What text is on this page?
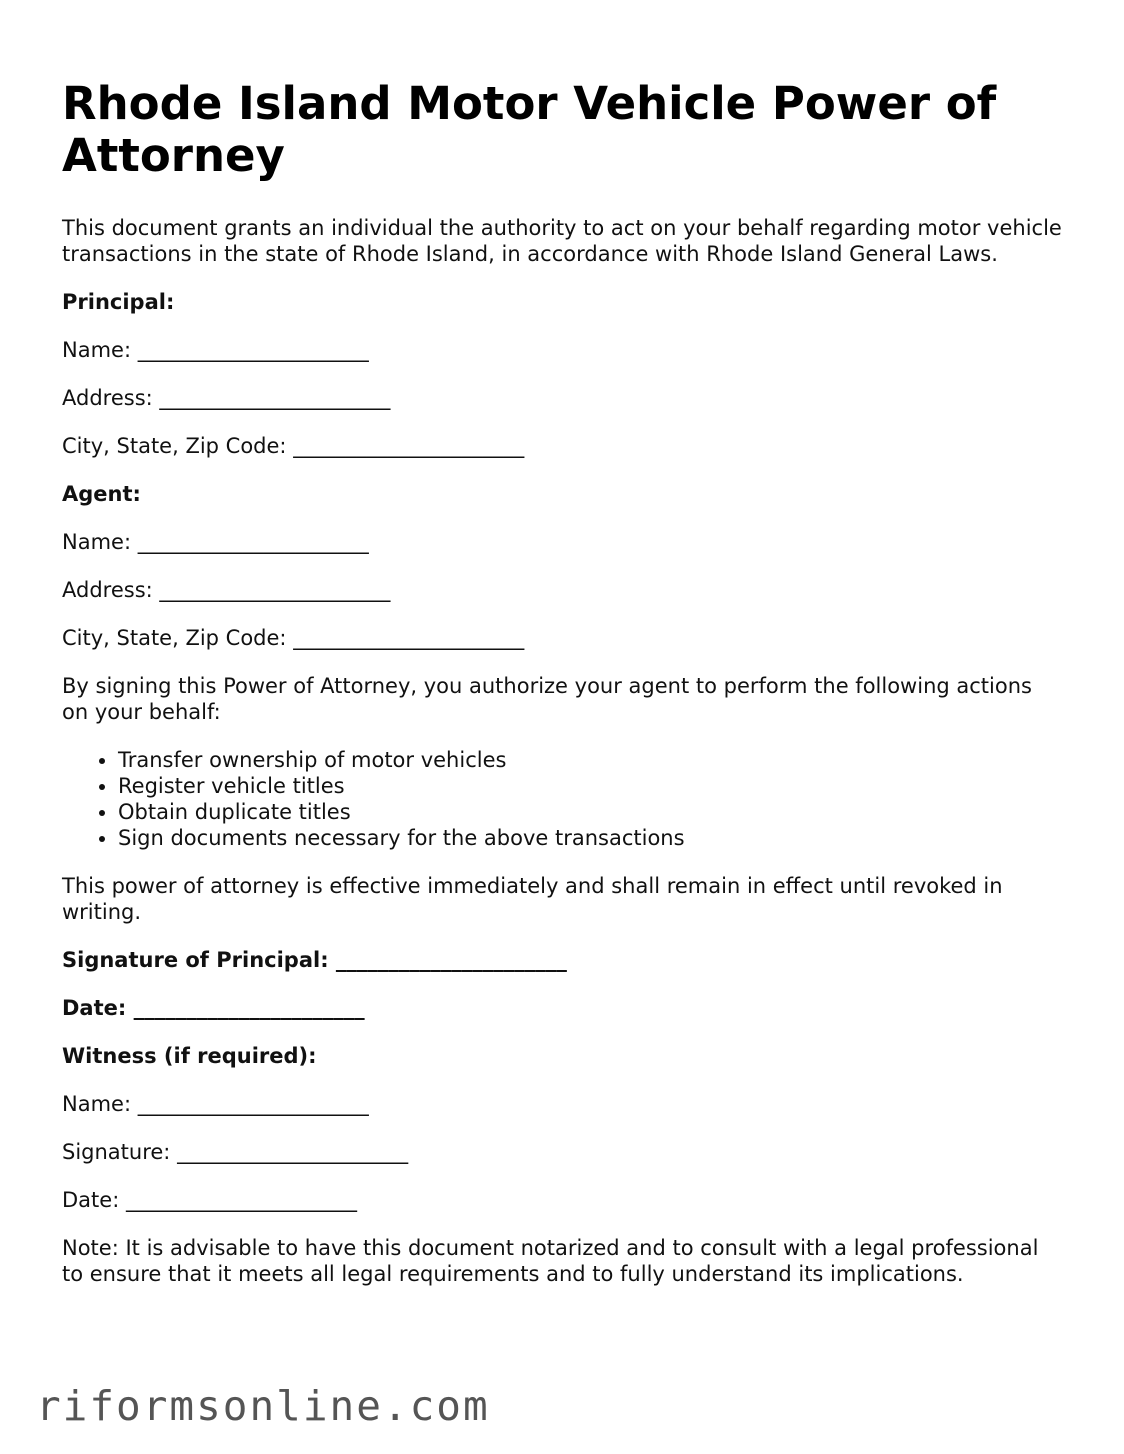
Rhode Island Motor Vehicle Power of Attorney

This document grants an individual the authority to act on your behalf regarding motor vehicle transactions in the state of Rhode Island, in accordance with Rhode Island General Laws.

Principal:

Name: ______________________
Address: ______________________
City, State, Zip Code: ______________________

Agent:

Name: ______________________
Address: ______________________
City, State, Zip Code: ______________________

By signing this Power of Attorney, you authorize your agent to perform the following actions on your behalf:

• Transfer ownership of motor vehicles
• Register vehicle titles
• Obtain duplicate titles
• Sign documents necessary for the above transactions

This power of attorney is effective immediately and shall remain in effect until revoked in writing.

Signature of Principal: ______________________
Date: ______________________

Witness (if required):

Name: ______________________
Signature: ______________________
Date: ______________________

Note: It is advisable to have this document notarized and to consult with a legal professional to ensure that it meets all legal requirements and to fully understand its implications.

riformsonline.com
